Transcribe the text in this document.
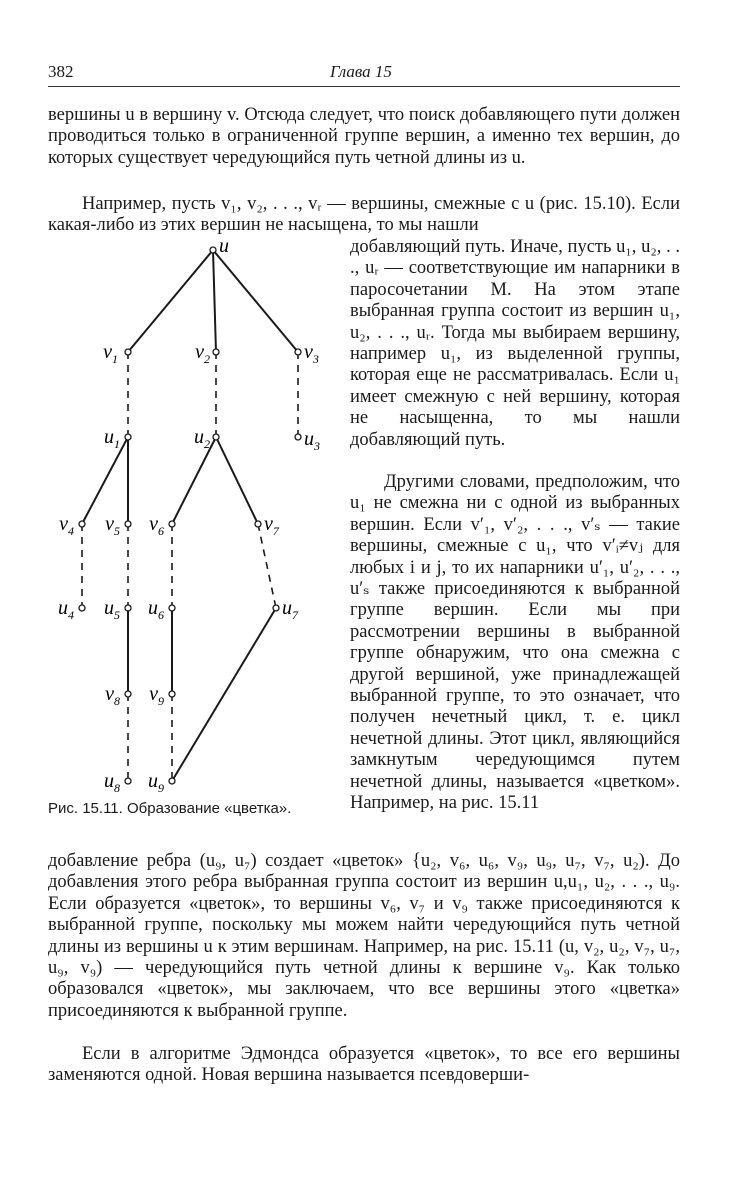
382	Глава 15

вершины u в вершину v. Отсюда следует, что поиск добавляющего пути должен проводиться только в ограниченной группе вершин, а именно тех вершин, до которых существует чередующийся путь четной длины из u.

Например, пусть v₁, v₂, . . ., vᵣ — вершины, смежные с u (рис. 15.10). Если какая-либо из этих вершин не насыщена, то мы нашли

добавляющий путь. Иначе, пусть u₁, u₂, . . ., uᵣ — соответствующие им напарники в паросочетании M. На этом этапе выбранная группа состоит из вершин u₁, u₂, . . ., uᵣ. Тогда мы выбираем вершину, например u₁, из выделенной группы, которая еще не рассматривалась. Если u₁ имеет смежную с ней вершину, которая не насыщенна, то мы нашли добавляющий путь.

Другими словами, предположим, что u₁ не смежна ни с одной из выбранных вершин. Если v′₁, v′₂, . . ., v′ₛ — такие вершины, смежные с u₁, что v′ᵢ≠vⱼ для любых i и j, то их напарники u′₁, u′₂, . . ., u′ₛ также присоединяются к выбранной группе вершин. Если мы при рассмотрении вершины в выбранной группе обнаружим, что она смежна с другой вершиной, уже принадлежащей выбранной группе, то это означает, что получен нечетный цикл, т. е. цикл нечетной длины. Этот цикл, являющийся замкнутым чередующимся путем нечетной длины, называется «цветком». Например, на рис. 15.11

добавление ребра (u₉, u₇) создает «цветок» {u₂, v₆, u₆, v₉, u₉, u₇, v₇, u₂). До добавления этого ребра выбранная группа состоит из вершин u,u₁, u₂, . . ., u₉. Если образуется «цветок», то вершины v₆, v₇ и v₉ также присоединяются к выбранной группе, поскольку мы можем найти чередующийся путь четной длины из вершины u к этим вершинам. Например, на рис. 15.11 (u, v₂, u₂, v₇, u₇, u₉, v₉) — чередующийся путь четной длины к вершине v₉. Как только образовался «цветок», мы заключаем, что все вершины этого «цветка» присоединяются к выбранной группе.

Если в алгоритме Эдмондса образуется «цветок», то все его вершины заменяются одной. Новая вершина называется псевдоверши-

u
$v_1$	$v_2$	$v_3$
$u_1$	$u_2$	$u_3$
$v_4$ $v_5$ $v_6$	$v_7$
$u_4$ $u_5$ $u_6$	$u_7$
$v_8$ $v_9$
$u_8$ $u_9$
Рис. 15.11. Образование «цветка».
